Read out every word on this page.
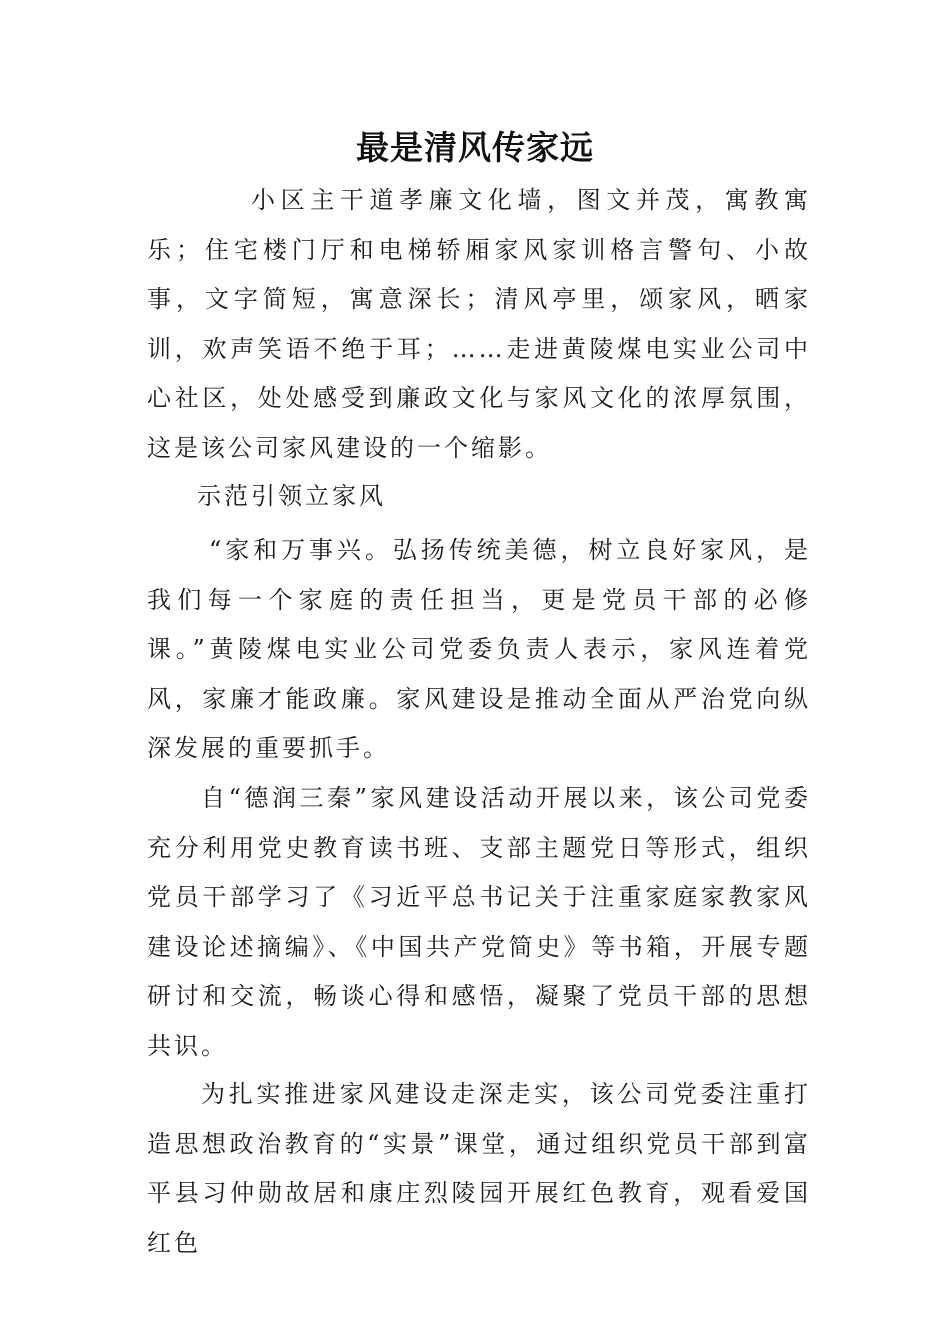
最是清风传家远

小区主干道孝廉文化墙，图文并茂，寓教寓乐；住宅楼门厅和电梯轿厢家风家训格言警句、小故事，文字简短，寓意深长；清风亭里，颂家风，晒家训，欢声笑语不绝于耳；……走进黄陵煤电实业公司中心社区，处处感受到廉政文化与家风文化的浓厚氛围，这是该公司家风建设的一个缩影。

示范引领立家风

“家和万事兴。弘扬传统美德，树立良好家风，是我们每一个家庭的责任担当，更是党员干部的必修课。”黄陵煤电实业公司党委负责人表示，家风连着党风，家廉才能政廉。家风建设是推动全面从严治党向纵深发展的重要抓手。

自“德润三秦”家风建设活动开展以来，该公司党委充分利用党史教育读书班、支部主题党日等形式，组织党员干部学习了《习近平总书记关于注重家庭家教家风建设论述摘编》、《中国共产党简史》等书箱，开展专题研讨和交流，畅谈心得和感悟，凝聚了党员干部的思想共识。

为扎实推进家风建设走深走实，该公司党委注重打造思想政治教育的“实景”课堂，通过组织党员干部到富平县习仲勋故居和康庄烈陵园开展红色教育，观看爱国红色
